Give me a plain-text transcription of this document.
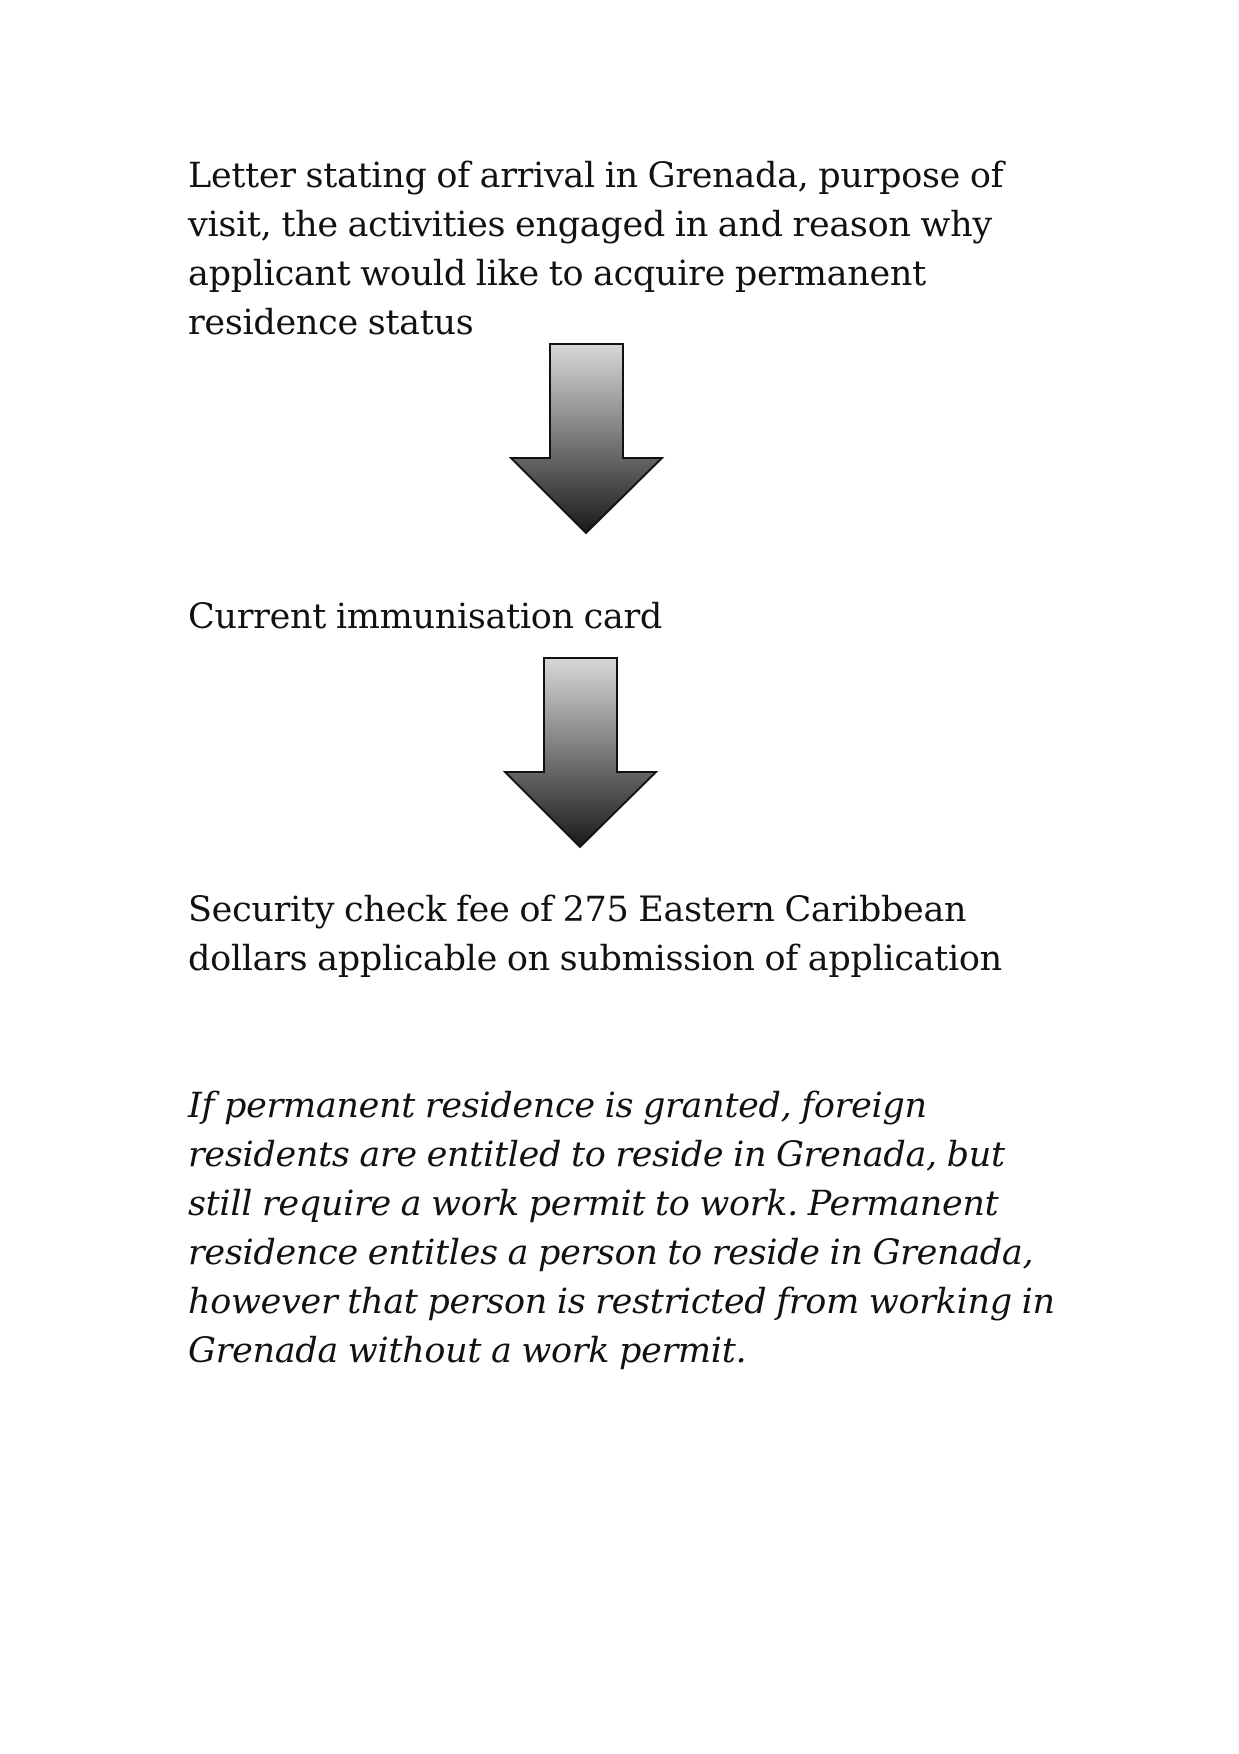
Letter stating of arrival in Grenada, purpose of
visit, the activities engaged in and reason why
applicant would like to acquire permanent
residence status
Current immunisation card
Security check fee of 275 Eastern Caribbean
dollars applicable on submission of application
If permanent residence is granted, foreign
residents are entitled to reside in Grenada, but
still require a work permit to work. Permanent
residence entitles a person to reside in Grenada,
however that person is restricted from working in
Grenada without a work permit.
